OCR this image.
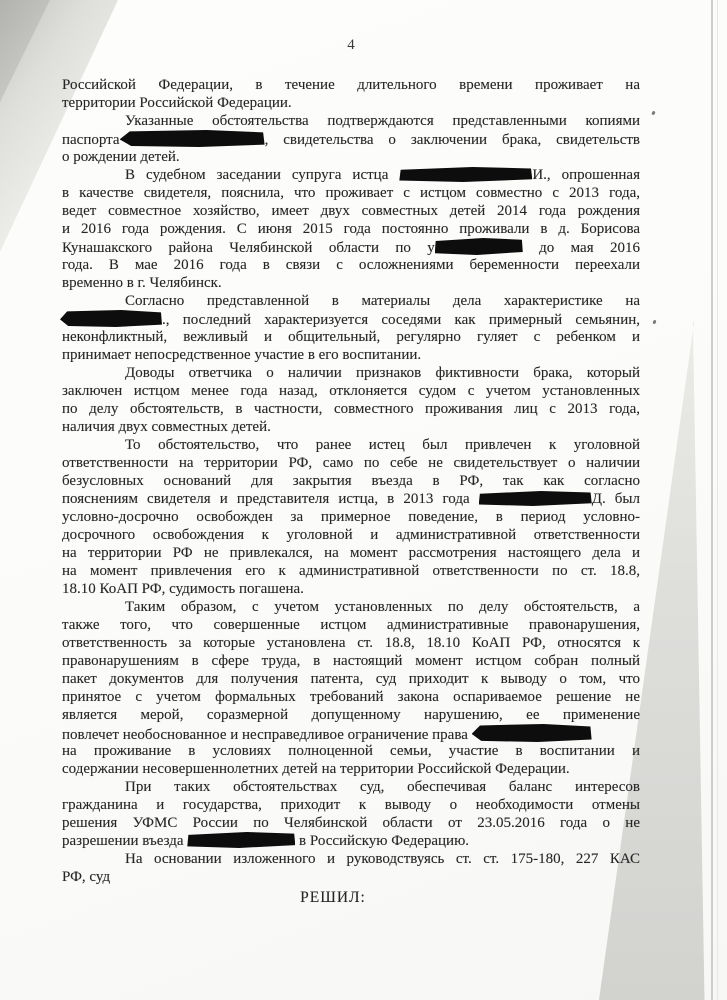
4
Российской Федерации, в течение длительного времени проживает на
территории Российской Федерации.
Указанные обстоятельства подтверждаются представленными копиями
паспорта	, свидетельства о заключении брака, свидетельств
о рождении детей.
В судебном заседании супруга истца	И., опрошенная
в качестве свидетеля, пояснила, что проживает с истцом совместно с 2013 года,
ведет совместное хозяйство, имеет двух совместных детей 2014 года рождения
и 2016 года рождения. С июня 2015 года постоянно проживали в д. Борисова
Кунашакского района Челябинской области по у	до мая 2016
года. В мае 2016 года в связи с осложнениями беременности переехали
временно в г. Челябинск.
Согласно представленной в материалы дела характеристике на
., последний характеризуется соседями как примерный семьянин,
неконфликтный, вежливый и общительный, регулярно гуляет с ребенком и
принимает непосредственное участие в его воспитании.
Доводы ответчика о наличии признаков фиктивности брака, который
заключен истцом менее года назад, отклоняется судом с учетом установленных
по делу обстоятельств, в частности, совместного проживания лиц с 2013 года,
наличия двух совместных детей.
То обстоятельство, что ранее истец был привлечен к уголовной
ответственности на территории РФ, само по себе не свидетельствует о наличии
безусловных оснований для закрытия въезда в РФ, так как согласно
пояснениям свидетеля и представителя истца, в 2013 года	Д. был
условно-досрочно освобожден за примерное поведение, в период условно-
досрочного освобождения к уголовной и административной ответственности
на территории РФ не привлекался, на момент рассмотрения настоящего дела и
на момент привлечения его к административной ответственности по ст. 18.8,
18.10 КоАП РФ, судимость погашена.
Таким образом, с учетом установленных по делу обстоятельств, а
также того, что совершенные истцом административные правонарушения,
ответственность за которые установлена ст. 18.8, 18.10 КоАП РФ, относятся к
правонарушениям в сфере труда, в настоящий момент истцом собран полный
пакет документов для получения патента, суд приходит к выводу о том, что
принятое с учетом формальных требований закона оспариваемое решение не
является мерой, соразмерной допущенному нарушению, ее применение
повлечет необоснованное и несправедливое ограничение права
на проживание в условиях полноценной семьи, участие в воспитании и
содержании несовершеннолетних детей на территории Российской Федерации.
При таких обстоятельствах суд, обеспечивая баланс интересов
гражданина и государства, приходит к выводу о необходимости отмены
решения УФМС России по Челябинской области от 23.05.2016 года о не
разрешении въезда	в Российскую Федерацию.
На основании изложенного и руководствуясь ст. ст. 175-180, 227 КАС
РФ, суд
РЕШИЛ:
